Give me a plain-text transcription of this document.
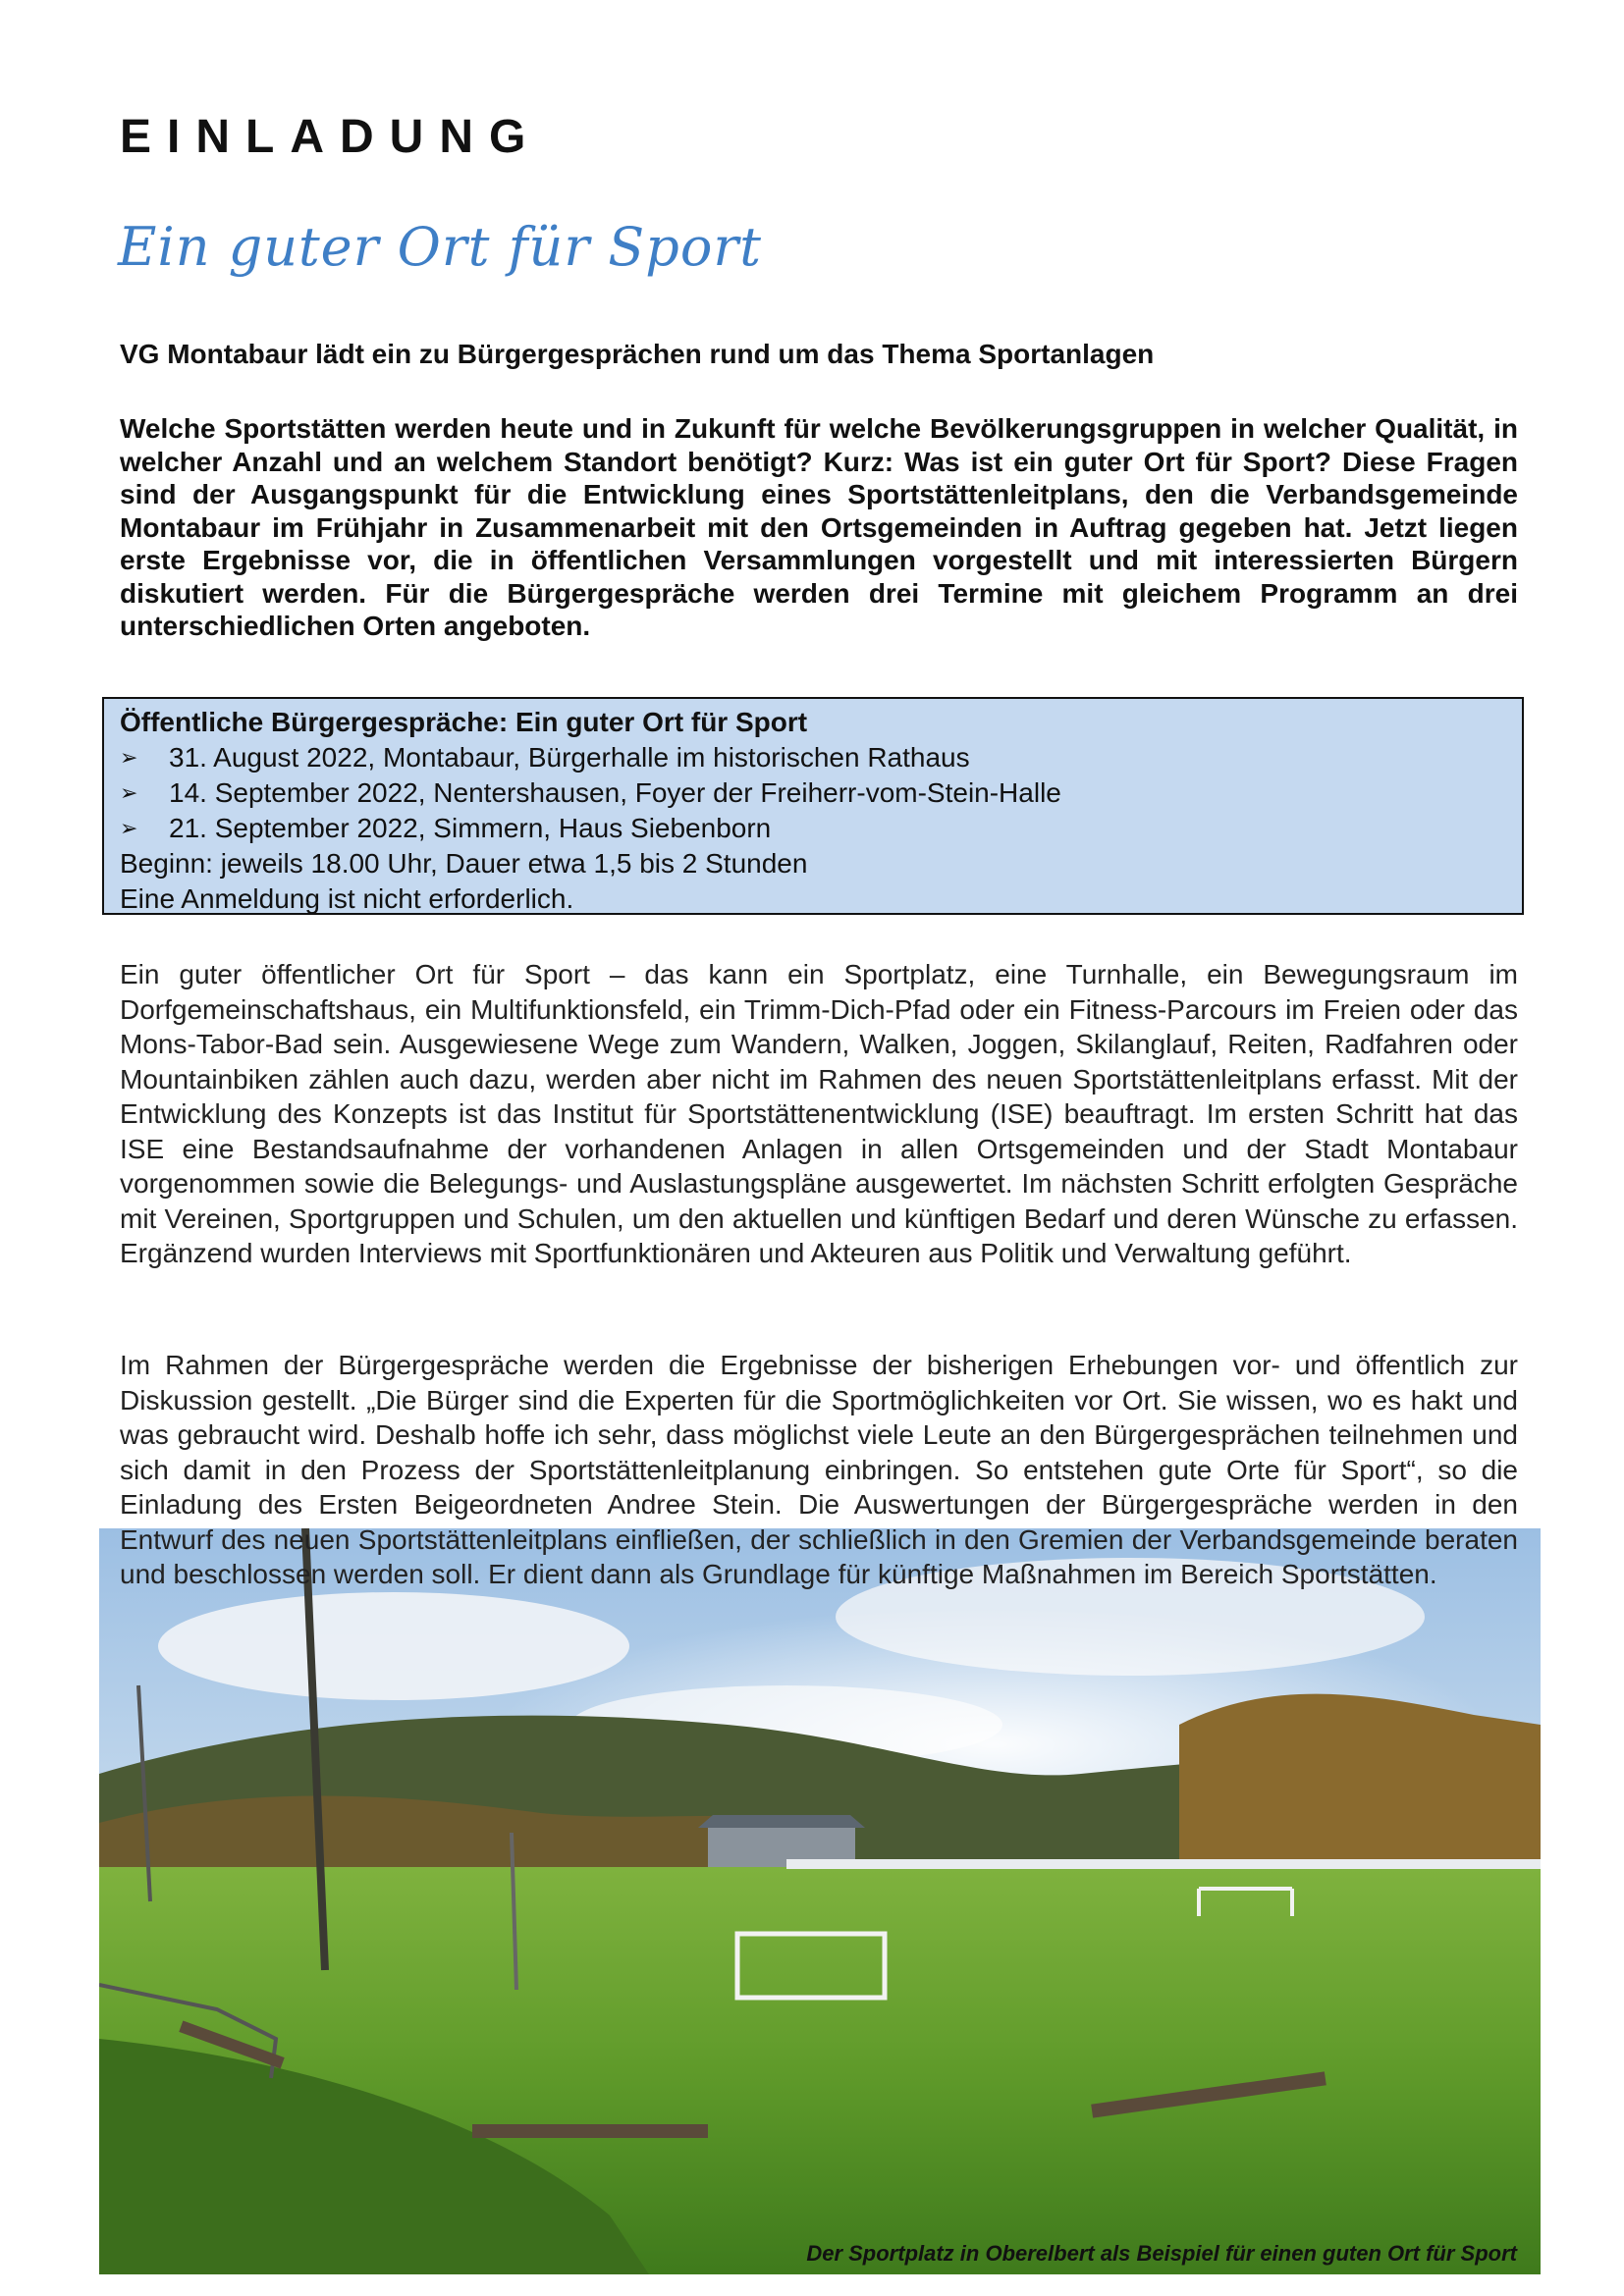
EINLADUNG
Ein guter Ort für Sport
VG Montabaur lädt ein zu Bürgergesprächen rund um das Thema Sportanlagen
Welche Sportstätten werden heute und in Zukunft für welche Bevölkerungsgruppen in welcher Qualität, in welcher Anzahl und an welchem Standort benötigt? Kurz: Was ist ein guter Ort für Sport? Diese Fragen sind der Ausgangspunkt für die Entwicklung eines Sportstättenleitplans, den die Verbandsgemeinde Montabaur im Frühjahr in Zusammenarbeit mit den Ortsgemeinden in Auftrag gegeben hat. Jetzt liegen erste Ergebnisse vor, die in öffentlichen Versammlungen vorgestellt und mit interessierten Bürgern diskutiert werden. Für die Bürgergespräche werden drei Termine mit gleichem Programm an drei unterschiedlichen Orten angeboten.
Öffentliche Bürgergespräche: Ein guter Ort für Sport
➢	31. August 2022, Montabaur, Bürgerhalle im historischen Rathaus
➢	14. September 2022, Nentershausen, Foyer der Freiherr-vom-Stein-Halle
➢	21. September 2022, Simmern, Haus Siebenborn
Beginn: jeweils 18.00 Uhr, Dauer etwa 1,5 bis 2 Stunden
Eine Anmeldung ist nicht erforderlich.
Ein guter öffentlicher Ort für Sport – das kann ein Sportplatz, eine Turnhalle, ein Bewegungsraum im Dorfgemeinschaftshaus, ein Multifunktionsfeld, ein Trimm-Dich-Pfad oder ein Fitness-Parcours im Freien oder das Mons-Tabor-Bad sein. Ausgewiesene Wege zum Wandern, Walken, Joggen, Skilanglauf, Reiten, Radfahren oder Mountainbiken zählen auch dazu, werden aber nicht im Rahmen des neuen Sportstättenleitplans erfasst. Mit der Entwicklung des Konzepts ist das Institut für Sportstättenentwicklung (ISE) beauftragt. Im ersten Schritt hat das ISE eine Bestandsaufnahme der vorhandenen Anlagen in allen Ortsgemeinden und der Stadt Montabaur vorgenommen sowie die Belegungs- und Auslastungspläne ausgewertet. Im nächsten Schritt erfolgten Gespräche mit Vereinen, Sportgruppen und Schulen, um den aktuellen und künftigen Bedarf und deren Wünsche zu erfassen. Ergänzend wurden Interviews mit Sportfunktionären und Akteuren aus Politik und Verwaltung geführt.
Im Rahmen der Bürgergespräche werden die Ergebnisse der bisherigen Erhebungen vor- und öffentlich zur Diskussion gestellt. „Die Bürger sind die Experten für die Sportmöglichkeiten vor Ort. Sie wissen, wo es hakt und was gebraucht wird. Deshalb hoffe ich sehr, dass möglichst viele Leute an den Bürgergesprächen teilnehmen und sich damit in den Prozess der Sportstättenleitplanung einbringen. So entstehen gute Orte für Sport“, so die Einladung des Ersten Beigeordneten Andree Stein. Die Auswertungen der Bürgergespräche werden in den Entwurf des neuen Sportstättenleitplans einfließen, der schließlich in den Gremien der Verbandsgemeinde beraten und beschlossen werden soll. Er dient dann als Grundlage für künftige Maßnahmen im Bereich Sportstätten.
Der Sportplatz in Oberelbert als Beispiel für einen guten Ort für Sport
